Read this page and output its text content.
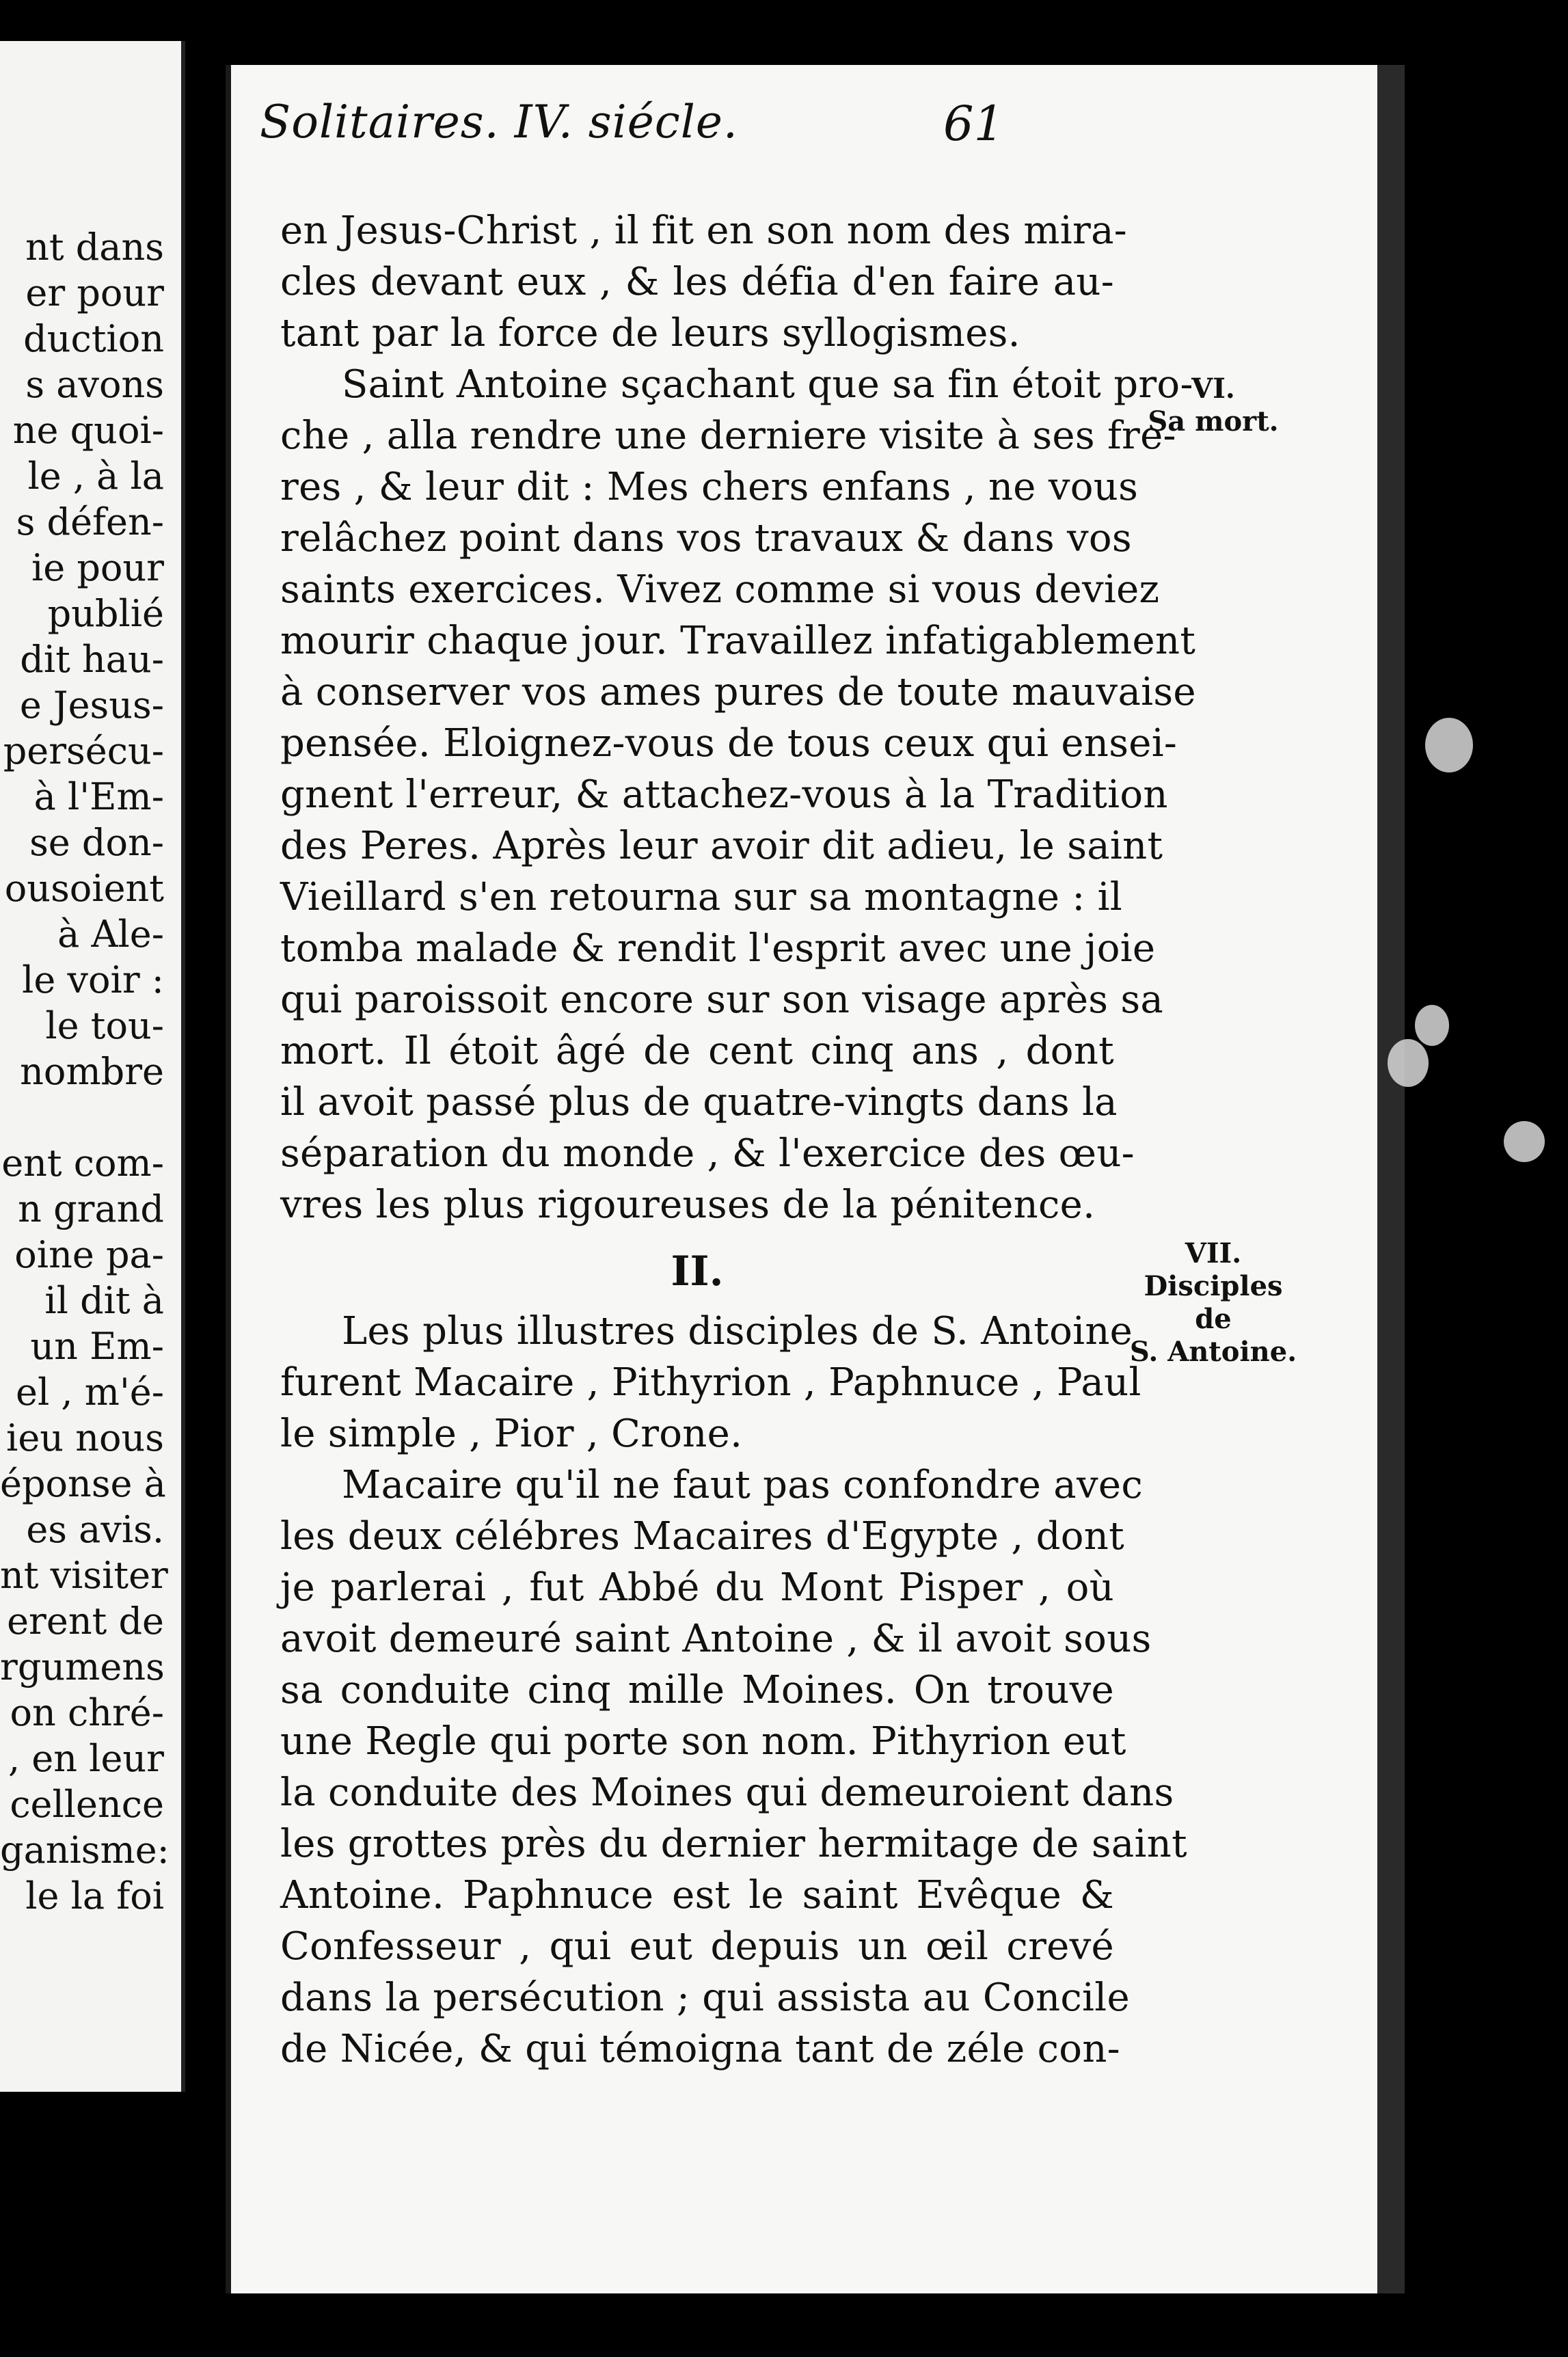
nt dans
er pour
duction
s avons
ne quoi-
le , à la
s défen-
ie pour
publié
dit hau-
e Jesus-
persécu-
à l'Em-
se don-
ousoient
à Ale-
le voir :
le tou-
nombre
ent com-
n grand
oine pa-
il dit à
un Em-
el , m'é-
ieu nous
éponse à
es avis.
nt visiter
erent de
rgumens
on chré-
, en leur
cellence
ganisme:
le la foi
Solitaires. IV. siécle.	61
en Jesus-Christ , il fit en son nom des mira-
cles devant eux , & les défia d'en faire au-
tant par la force de leurs syllogismes.
Saint Antoine sçachant que sa fin étoit pro-
che , alla rendre une derniere visite à ses fre-
res , & leur dit : Mes chers enfans , ne vous
relâchez point dans vos travaux & dans vos
saints exercices. Vivez comme si vous deviez
mourir chaque jour. Travaillez infatigablement
à conserver vos ames pures de toute mauvaise
pensée. Eloignez-vous de tous ceux qui ensei-
gnent l'erreur, & attachez-vous à la Tradition
des Peres. Après leur avoir dit adieu, le saint
Vieillard s'en retourna sur sa montagne : il
tomba malade & rendit l'esprit avec une joie
qui paroissoit encore sur son visage après sa
mort. Il étoit âgé de cent cinq ans , dont
il avoit passé plus de quatre-vingts dans la
séparation du monde , & l'exercice des œu-
vres les plus rigoureuses de la pénitence.
II.
Les plus illustres disciples de S. Antoine
furent Macaire , Pithyrion , Paphnuce , Paul
le simple , Pior , Crone.
Macaire qu'il ne faut pas confondre avec
les deux célébres Macaires d'Egypte , dont
je parlerai , fut Abbé du Mont Pisper , où
avoit demeuré saint Antoine , & il avoit sous
sa conduite cinq mille Moines. On trouve
une Regle qui porte son nom. Pithyrion eut
la conduite des Moines qui demeuroient dans
les grottes près du dernier hermitage de saint
Antoine. Paphnuce est le saint Evêque &
Confesseur , qui eut depuis un œil crevé
dans la persécution ; qui assista au Concile
de Nicée, & qui témoigna tant de zéle con-
VI.
Sa mort.
VII.
Disciples de
S. Antoine.
